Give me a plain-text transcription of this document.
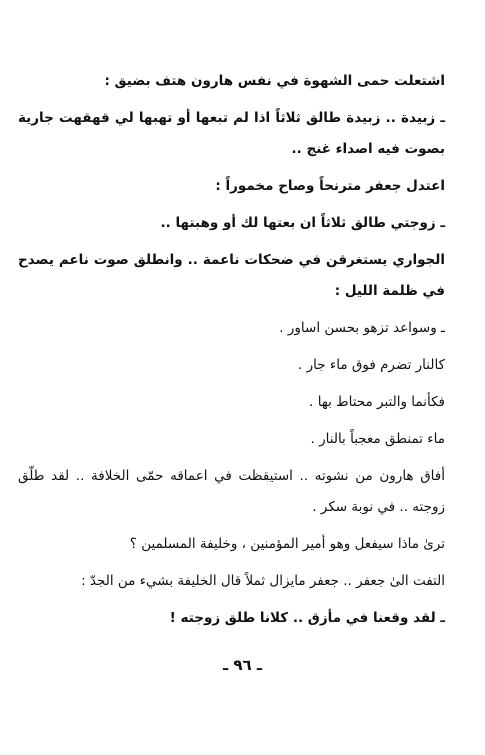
اشتعلت حمى الشهوة في نفس هارون هتف بضيق :

ـ زبيدة .. زبيدة طالق ثلاثاً اذا لم تبعها أو تهبها لي قهقهت جارية بصوت فيه اصداء غنج ..

اعتدل جعفر مترنحاً وصاح مخموراً :

ـ زوجتي طالق ثلاثاً ان بعتها لك أو وهبتها ..

الجواري يستغرقن في ضحكات ناعمة .. وانطلق صوت ناعم يصدح في ظلمة الليل :

ـ وسواعد تزهو بحسن اساور .

كالنار تضرم فوق ماء جار .

فكأنما والتبر محتاط بها .

ماء تمنطق معجباً بالنار .

أفاق هارون من نشوته .. استيقظت في اعماقه حمّى الخلافة .. لقد طلّق زوجته .. في نوبة سكر .

ترىٰ ماذا سيفعل وهو أمير المؤمنين ، وخليفة المسلمين ؟

التفت الىٰ جعفر .. جعفر مايزال ثملاً قال الخليفة بشيء من الجدّ :

ـ لقد وقعنا في مأزق .. كلانا طلق زوجته !

ـ ٩٦ ـ
